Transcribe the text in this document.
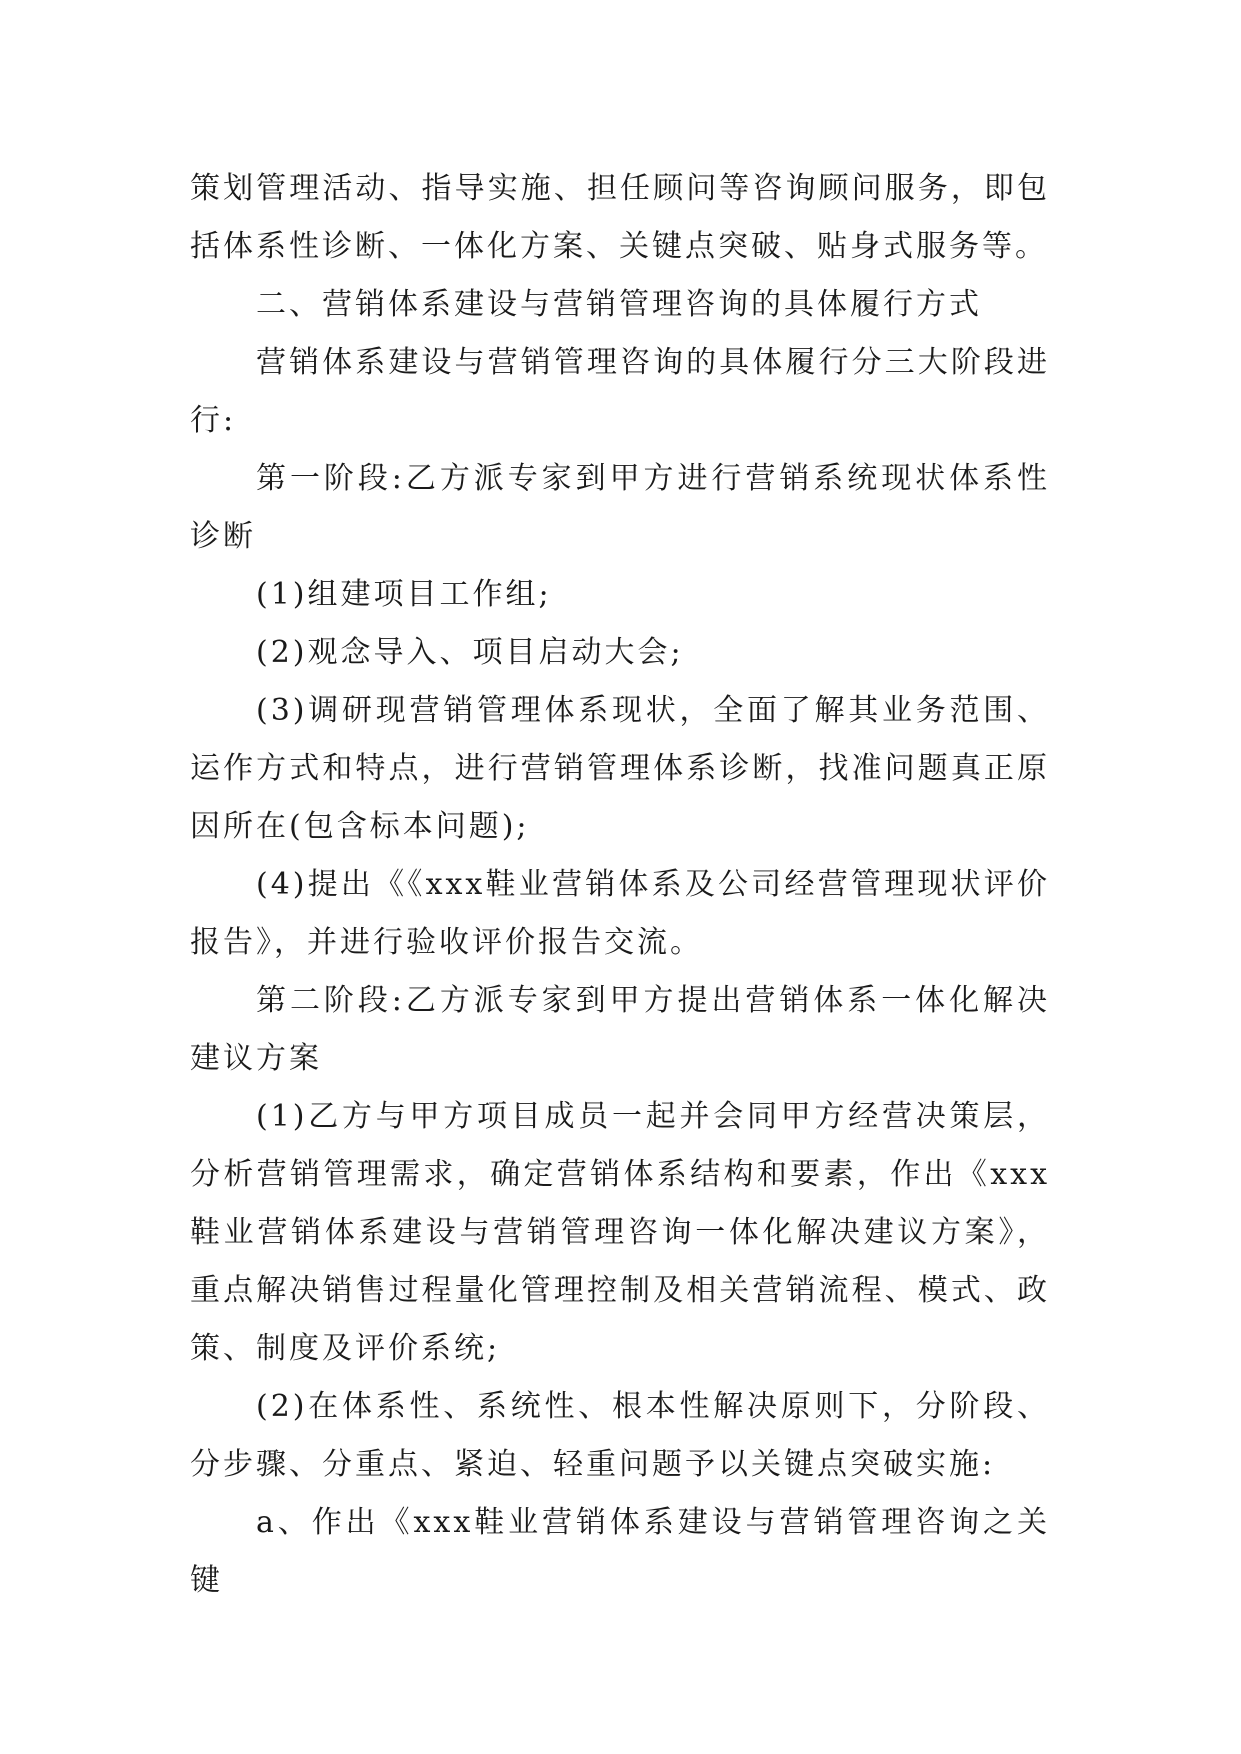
策划管理活动、指导实施、担任顾问等咨询顾问服务，即包括体系性诊断、一体化方案、关键点突破、贴身式服务等。

二、营销体系建设与营销管理咨询的具体履行方式

营销体系建设与营销管理咨询的具体履行分三大阶段进行:

第一阶段:乙方派专家到甲方进行营销系统现状体系性诊断

(1)组建项目工作组;

(2)观念导入、项目启动大会;

(3)调研现营销管理体系现状，全面了解其业务范围、运作方式和特点，进行营销管理体系诊断，找准问题真正原因所在(包含标本问题);

(4)提出《《xxx鞋业营销体系及公司经营管理现状评价报告》，并进行验收评价报告交流。

第二阶段:乙方派专家到甲方提出营销体系一体化解决建议方案

(1)乙方与甲方项目成员一起并会同甲方经营决策层，分析营销管理需求，确定营销体系结构和要素，作出《xxx鞋业营销体系建设与营销管理咨询一体化解决建议方案》，重点解决销售过程量化管理控制及相关营销流程、模式、政策、制度及评价系统;

(2)在体系性、系统性、根本性解决原则下，分阶段、分步骤、分重点、紧迫、轻重问题予以关键点突破实施:

a、作出《xxx鞋业营销体系建设与营销管理咨询之关键
